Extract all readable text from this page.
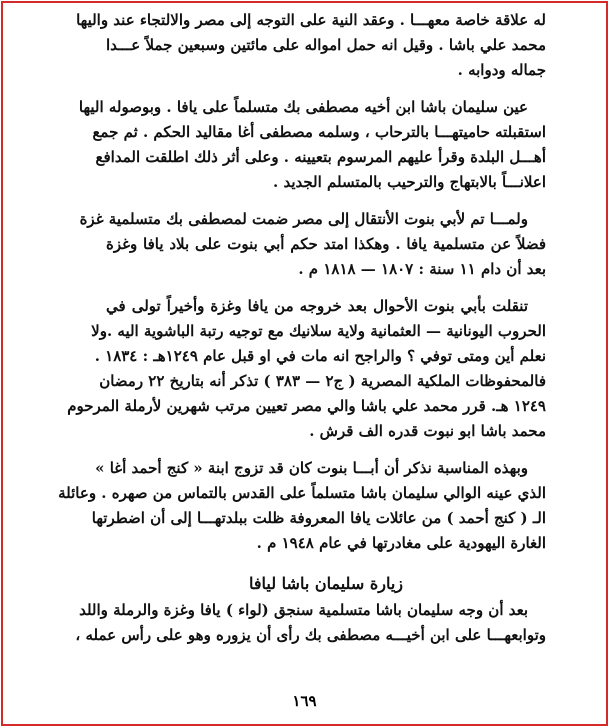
له علاقة خاصة معهـــا . وعقد النية على التوجه إلى مصر والالتجاء عند واليها
محمد علي باشا . وقيل انه حمل امواله على مائتين وسبعين جملاً عـــدا
جماله ودوابه .
عين سليمان باشا ابن أخيه مصطفى بك متسلماً على يافا . وبوصوله اليها
استقبلته حاميتهـــا بالترحاب ، وسلمه مصطفى أغا مقاليد الحكم . ثم جمع
أهـــل البلدة وقرأ عليهم المرسوم بتعيينه . وعلى أثر ذلك اطلقت المدافع
اعلانـــاً بالابتهاج والترحيب بالمتسلم الجديد .
ولمـــا تم لأبي بنوت الأنتقال إلى مصر ضمت لمصطفى بك متسلمية غزة
فضلاً عن متسلمية يافا . وهكذا امتد حكم أبي بنوت على بلاد يافا وغزة
بعد أن دام ١١ سنة : ١٨٠٧ — ١٨١٨ م .
تنقلت بأبي بنوت الأحوال بعد خروجه من يافا وغزة وأخيراً تولى في
الحروب اليونانية — العثمانية ولاية سلانيك مع توجيه رتبة الباشوية اليه .ولا
نعلم أين ومتى توفي ؟ والراجح انه مات في او قبل عام ١٢٤٩هـ : ١٨٣٤ .
فالمحفوظات الملكية المصرية ( ج٢ — ٣٨٣ ) تذكر أنه بتاريخ ٢٢ رمضان
١٢٤٩ هـ. قرر محمد علي باشا والي مصر تعيين مرتب شهرين لأرملة المرحوم
محمد باشا ابو نبوت قدره الف قرش .
وبهذه المناسبة نذكر أن أبـــا بنوت كان قد تزوج ابنة « كنج أحمد أغا »
الذي عينه الوالي سليمان باشا متسلماً على القدس بالتماس من صهره . وعائلة
الـ ( كنج أحمد ) من عائلات يافا المعروفة ظلت ببلدتهـــا إلى أن اضطرتها
الغارة اليهودية على مغادرتها في عام ١٩٤٨ م .
زيارة سليمان باشا ليافا
بعد أن وجه سليمان باشا متسلمية سنجق (لواء ) يافا وغزة والرملة واللد
وتوابعهـــا على ابن أخيـــه مصطفى بك رأى أن يزوره وهو على رأس عمله ،
١٦٩
